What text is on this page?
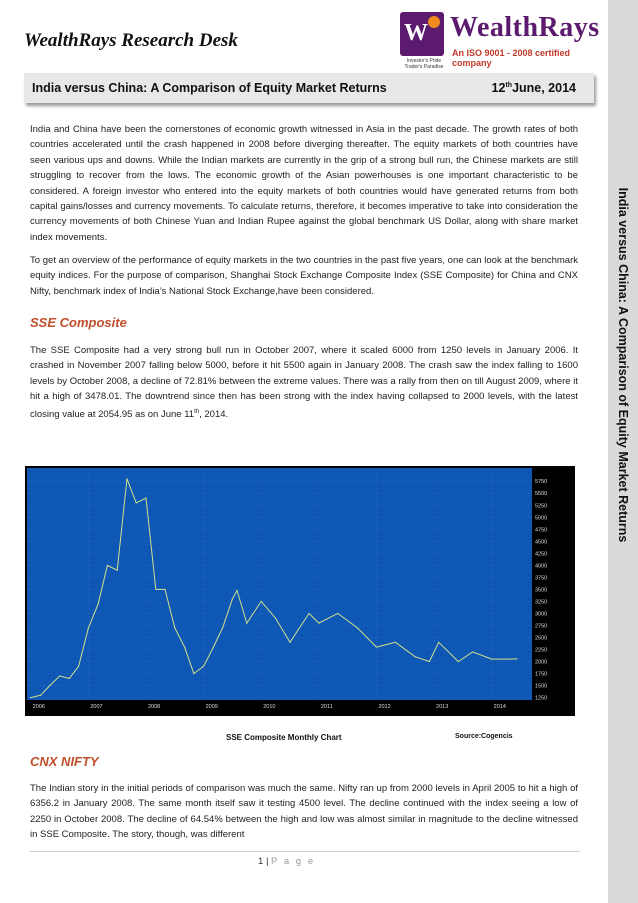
India versus China: A Comparison of Equity Market Returns
WealthRays Research Desk	W
Investor's Pride Trader's Paradise
WealthRays
An ISO 9001 - 2008 certified company
India versus China: A Comparison of Equity Market Returns	12thJune, 2014

India and China have been the cornerstones of economic growth witnessed in Asia in the past decade. The growth rates of both countries accelerated until the crash happened in 2008 before diverging thereafter. The equity markets of both countries have seen various ups and downs. While the Indian markets are currently in the grip of a strong bull run, the Chinese markets are still struggling to recover from the lows. The economic growth of the Asian powerhouses is one important characteristic to be considered. A foreign investor who entered into the equity markets of both countries would have generated returns from both capital gains/losses and currency movements. To calculate returns, therefore, it becomes imperative to take into consideration the currency movements of both Chinese Yuan and Indian Rupee against the global benchmark US Dollar, along with share market index movements.

To get an overview of the performance of equity markets in the two countries in the past five years, one can look at the benchmark equity indices. For the purpose of comparison, Shanghai Stock Exchange Composite Index (SSE Composite) for China and CNX Nifty, benchmark index of India’s National Stock Exchange,have been considered.

SSE Composite

The SSE Composite had a very strong bull run in October 2007, where it scaled 6000 from 1250 levels in January 2006. It crashed in November 2007 falling below 5000, before it hit 5500 again in January 2008. The crash saw the index falling to 1600 levels by October 2008, a decline of 72.81% between the extreme values. There was a rally from then on till August 2009, where it hit a high of 3478.01. The downtrend since then has been strong with the index having collapsed to 2000 levels, with the latest closing value at 2054.95 as on June 11th, 2014.

5750
5500
5250
5000
4750
4500
4250
4000
3750
3500
3250
3000
2750
2500
2250
2000
1750
1500
1250
2006	2007	2008	2009	2010	2011	2012	2013	2014
SSE Composite Monthly Chart	Source:Cogencis
CNX NIFTY

The Indian story in the initial periods of comparison was much the same. Nifty ran up from 2000 levels in April 2005 to hit a high of 6356.2 in January 2008. The same month itself saw it testing 4500 level. The decline continued with the index seeing a low of 2250 in October 2008. The decline of 64.54% between the high and low was almost similar in magnitude to the decline witnessed in SSE Composite. The story, though, was different

1 | P a g e
